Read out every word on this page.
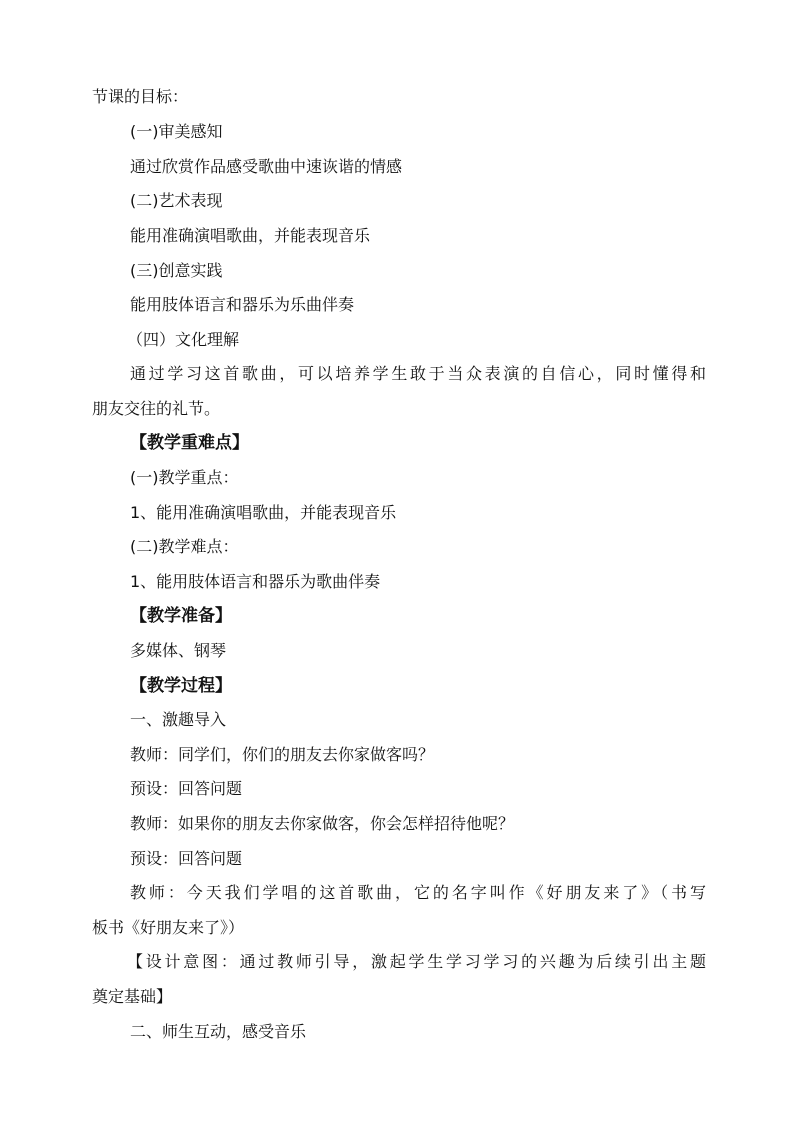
节课的目标：
(一)审美感知
通过欣赏作品感受歌曲中速诙谐的情感
(二)艺术表现
能用准确演唱歌曲，并能表现音乐
(三)创意实践
能用肢体语言和器乐为乐曲伴奏
（四）文化理解
通过学习这首歌曲，可以培养学生敢于当众表演的自信心，同时懂得和
朋友交往的礼节。
【教学重难点】
(一)教学重点：
1、能用准确演唱歌曲，并能表现音乐
(二)教学难点：
1、能用肢体语言和器乐为歌曲伴奏
【教学准备】
多媒体、钢琴
【教学过程】
一、激趣导入
教师：同学们，你们的朋友去你家做客吗？
预设：回答问题
教师：如果你的朋友去你家做客，你会怎样招待他呢？
预设：回答问题
教师：今天我们学唱的这首歌曲，它的名字叫作《好朋友来了》（书写
板书《好朋友来了》）
【设计意图：通过教师引导，激起学生学习学习的兴趣为后续引出主题
奠定基础】
二、师生互动，感受音乐
